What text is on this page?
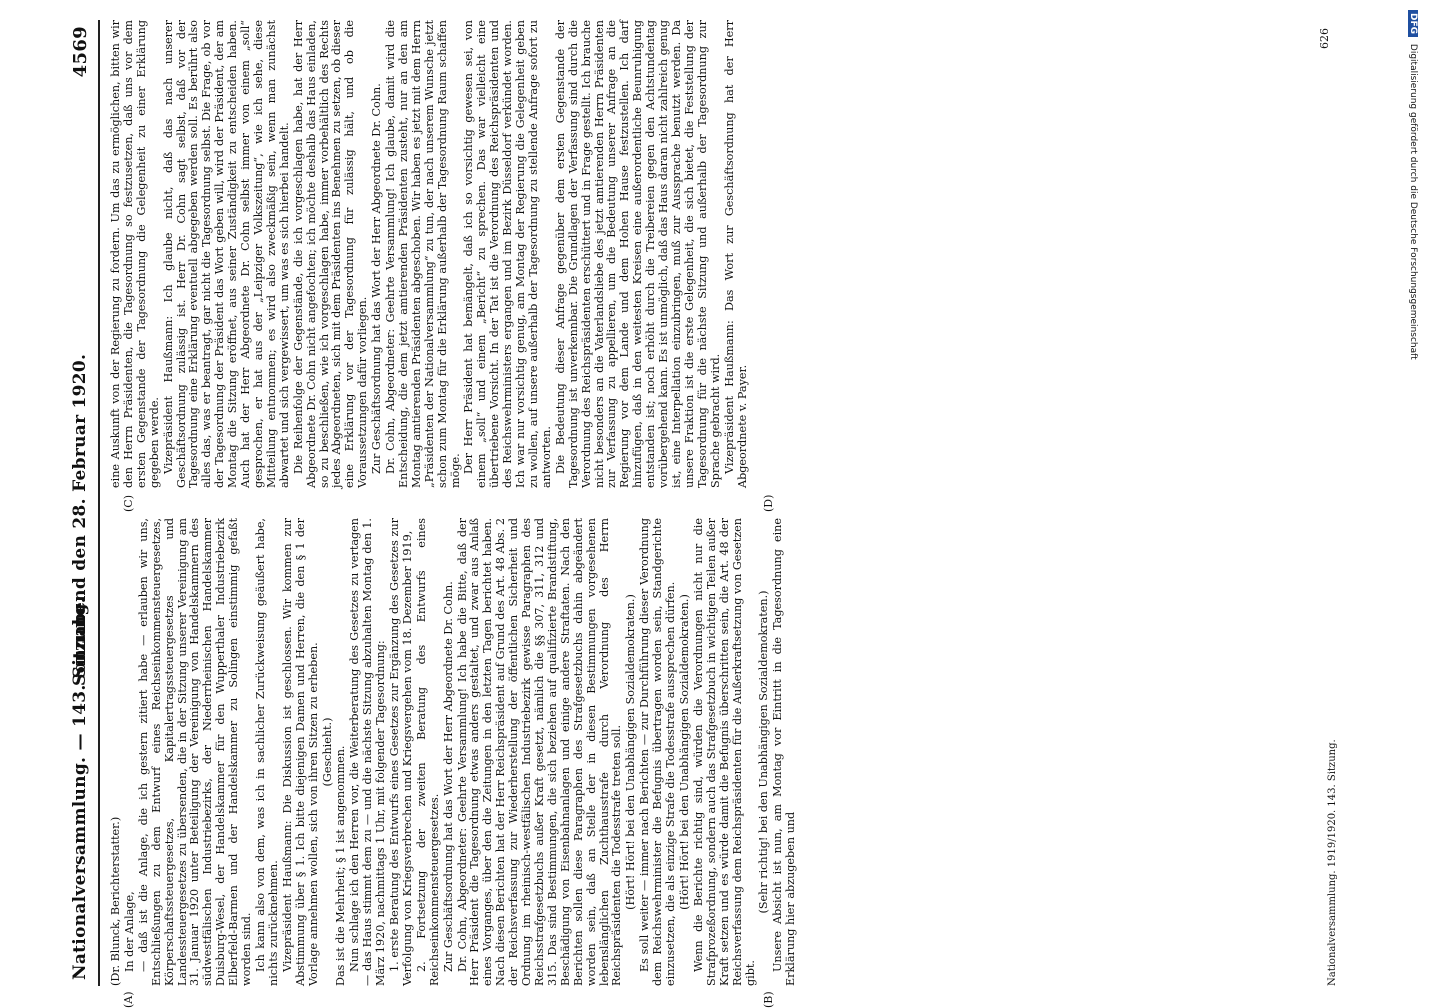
Nationalversammlung. — 143. Sitzung.
Sonnabend den 28. Februar 1920.
4569
(A)	(B)
(C)	(D)

(Dr. Blunck, Berichterstatter.) In der Anlage, — daß ist die Anlage, die ich gestern zitiert habe — erlauben wir uns, Entschließungen zu dem Entwurf eines Reichseinkommensteuergesetzes, Körperschaftssteuergesetzes, Kapitalertragssteuergesetzes und Landessteuergesetzes zu übersenden, die in der Sitzung unserer Vereinigung am 31. Januar 1920 unter Beteiligung der Vereinigung von Handelskammern des südwestfälischen Industriebezirks, der Niederrheinischen Handelskammer Duisburg-Wesel, der Handelskammer für den Wupperthaler Industriebezirk Elberfeld-Barmen und der Handelskammer zu Solingen einstimmig gefaßt worden sind. Ich kann also von dem, was ich in sachlicher Zurückweisung geäußert habe, nichts zurücknehmen. Vizepräsident Haußmann: Die Diskussion ist geschlossen. Wir kommen zur Abstimmung über § 1. Ich bitte diejenigen Damen und Herren, die den § 1 der Vorlage annehmen wollen, sich von ihren Sitzen zu erheben. (Geschieht.) Das ist die Mehrheit; § 1 ist angenommen. Nun schlage ich den Herren vor, die Weiterberatung des Gesetzes zu vertagen — das Haus stimmt dem zu — und die nächste Sitzung abzuhalten Montag den 1. März 1920, nachmittags 1 Uhr, mit folgender Tagesordnung: 1. erste Beratung des Entwurfs eines Gesetzes zur Ergänzung des Gesetzes zur Verfolgung von Kriegsverbrechen und Kriegsvergehen vom 18. Dezember 1919, 2. Fortsetzung der zweiten Beratung des Entwurfs eines Reichseinkommensteuergesetzes. Zur Geschäftsordnung hat das Wort der Herr Abgeordnete Dr. Cohn. Dr. Cohn, Abgeordneter: Geehrte Versammlung! Ich habe die Bitte, daß der Herr Präsident die Tagesordnung etwas anders gestaltet, und zwar aus Anlaß eines Vorganges, über den die Zeitungen in den letzten Tagen berichtet haben. Nach diesen Berichten hat der Herr Reichspräsident auf Grund des Art. 48 Abs. 2 der Reichsverfassung zur Wiederherstellung der öffentlichen Sicherheit und Ordnung im rheinisch-westfälischen Industriebezirk gewisse Paragraphen des Reichsstrafgesetzbuchs außer Kraft gesetzt, nämlich die §§ 307, 311, 312 und 315. Das sind Bestimmungen, die sich beziehen auf qualifizierte Brandstiftung, Beschädigung von Eisenbahnanlagen und einige andere Straftaten. Nach den Berichten sollen diese Paragraphen des Strafgesetzbuchs dahin abgeändert worden sein, daß an Stelle der in diesen Bestimmungen vorgesehenen lebenslänglichen Zuchthausstrafe durch Verordnung des Herrn Reichspräsidenten die Todesstrafe treten soll. (Hört! Hört! bei den Unabhängigen Sozialdemokraten.) Es soll weiter — immer nach Berichten — zur Durchführung dieser Verordnung dem Reichswehrminister die Befugnis übertragen worden sein, Standgerichte einzusetzen, die als einzige Strafe die Todesstrafe aussprechen dürfen. (Hört! Hört! bei den Unabhängigen Sozialdemokraten.) Wenn die Berichte richtig sind, würden die Verordnungen nicht nur die Strafprozeßordnung, sondern auch das Strafgesetzbuch in wichtigen Teilen außer Kraft setzen und es würde damit die Befugnis überschritten sein, die Art. 48 der Reichsverfassung dem Reichspräsidenten für die Außerkraftsetzung von Gesetzen gibt.

(Sehr richtig! bei den Unabhängigen Sozialdemokraten.) Unsere Absicht ist nun, am Montag vor Eintritt in die Tagesordnung eine Erklärung hier abzugeben und

eine Auskunft von der Regierung zu fordern. Um das zu ermöglichen, bitten wir den Herrn Präsidenten, die Tagesordnung so festzusetzen, daß uns vor dem ersten Gegenstande der Tagesordnung die Gelegenheit zu einer Erklärung gegeben werde. Vizepräsident Haußmann: Ich glaube nicht, daß das nach unserer Geschäftsordnung zulässig ist. Herr Dr. Cohn sagt selbst, daß vor der Tagesordnung eine Erklärung eventuell abgegeben werden soll. Es berührt also alles das, was er beantragt, gar nicht die Tagesordnung selbst. Die Frage, ob vor der Tagesordnung der Präsident das Wort geben will, wird der Präsident, der am Montag die Sitzung eröffnet, aus seiner Zuständigkeit zu entscheiden haben. Auch hat der Herr Abgeordnete Dr. Cohn selbst immer von einem „soll“ gesprochen, er hat aus der „Leipziger Volkszeitung“, wie ich sehe, diese Mitteilung entnommen; es wird also zweckmäßig sein, wenn man zunächst abwartet und sich vergewissert, um was es sich hierbei handelt. Die Reihenfolge der Gegenstände, die ich vorgeschlagen habe, hat der Herr Abgeordnete Dr. Cohn nicht angefochten; ich möchte deshalb das Haus einladen, so zu beschließen, wie ich vorgeschlagen habe, immer vorbehältlich des Rechts jedes Abgeordneten, sich mit dem Präsidenten ins Benehmen zu setzen, ob dieser eine Erklärung vor der Tagesordnung für zulässig hält, und ob die Voraussetzungen dafür vorliegen. Zur Geschäftsordnung hat das Wort der Herr Abgeordnete Dr. Cohn. Dr. Cohn, Abgeordneter: Geehrte Versammlung! Ich glaube, damit wird die Entscheidung, die dem jetzt amtierenden Präsidenten zusteht, nur an den am Montag amtierenden Präsidenten abgeschoben. Wir haben es jetzt mit dem Herrn „Präsidenten der Nationalversammlung“ zu tun, der nach unserem Wunsche jetzt schon zum Montag für die Erklärung außerhalb der Tagesordnung Raum schaffen möge. Der Herr Präsident hat bemängelt, daß ich so vorsichtig gewesen sei, von einem „soll“ und einem „Bericht“ zu sprechen. Das war vielleicht eine übertriebene Vorsicht. In der Tat ist die Verordnung des Reichspräsidenten und des Reichswehrministers ergangen und im Bezirk Düsseldorf verkündet worden. Ich war nur vorsichtig genug, am Montag der Regierung die Gelegenheit geben zu wollen, auf unsere außerhalb der Tagesordnung zu stellende Anfrage sofort zu antworten. Die Bedeutung dieser Anfrage gegenüber dem ersten Gegenstande der Tagesordnung ist unverkennbar. Die Grundlagen der Verfassung sind durch die Verordnung des Reichspräsidenten erschüttert und in Frage gestellt. Ich brauche nicht besonders an die Vaterlandsliebe des jetzt amtierenden Herrn Präsidenten zur Verfassung zu appellieren, um die Bedeutung unserer Anfrage an die Regierung vor dem Lande und dem Hohen Hause festzustellen. Ich darf hinzufügen, daß in den weitesten Kreisen eine außerordentliche Beunruhigung entstanden ist; noch erhöht durch die Treibereien gegen den Achtstundentag vorübergehend kann. Es ist unmöglich, daß das Haus daran nicht zahlreich genug ist, eine Interpellation einzubringen, muß zur Aussprache benutzt werden. Da unsere Fraktion ist die erste Gelegenheit, die sich bietet, die Feststellung der Tagesordnung für die nächste Sitzung und außerhalb der Tagesordnung zur Sprache gebracht wird. Vizepräsident Haußmann: Das Wort zur Geschäftsordnung hat der Herr Abgeordnete v. Payer.

Nationalversammlung. 1919/1920. 143. Sitzung.
626
DFG Digitalisierung gefördert durch die Deutsche Forschungsgemeinschaft
